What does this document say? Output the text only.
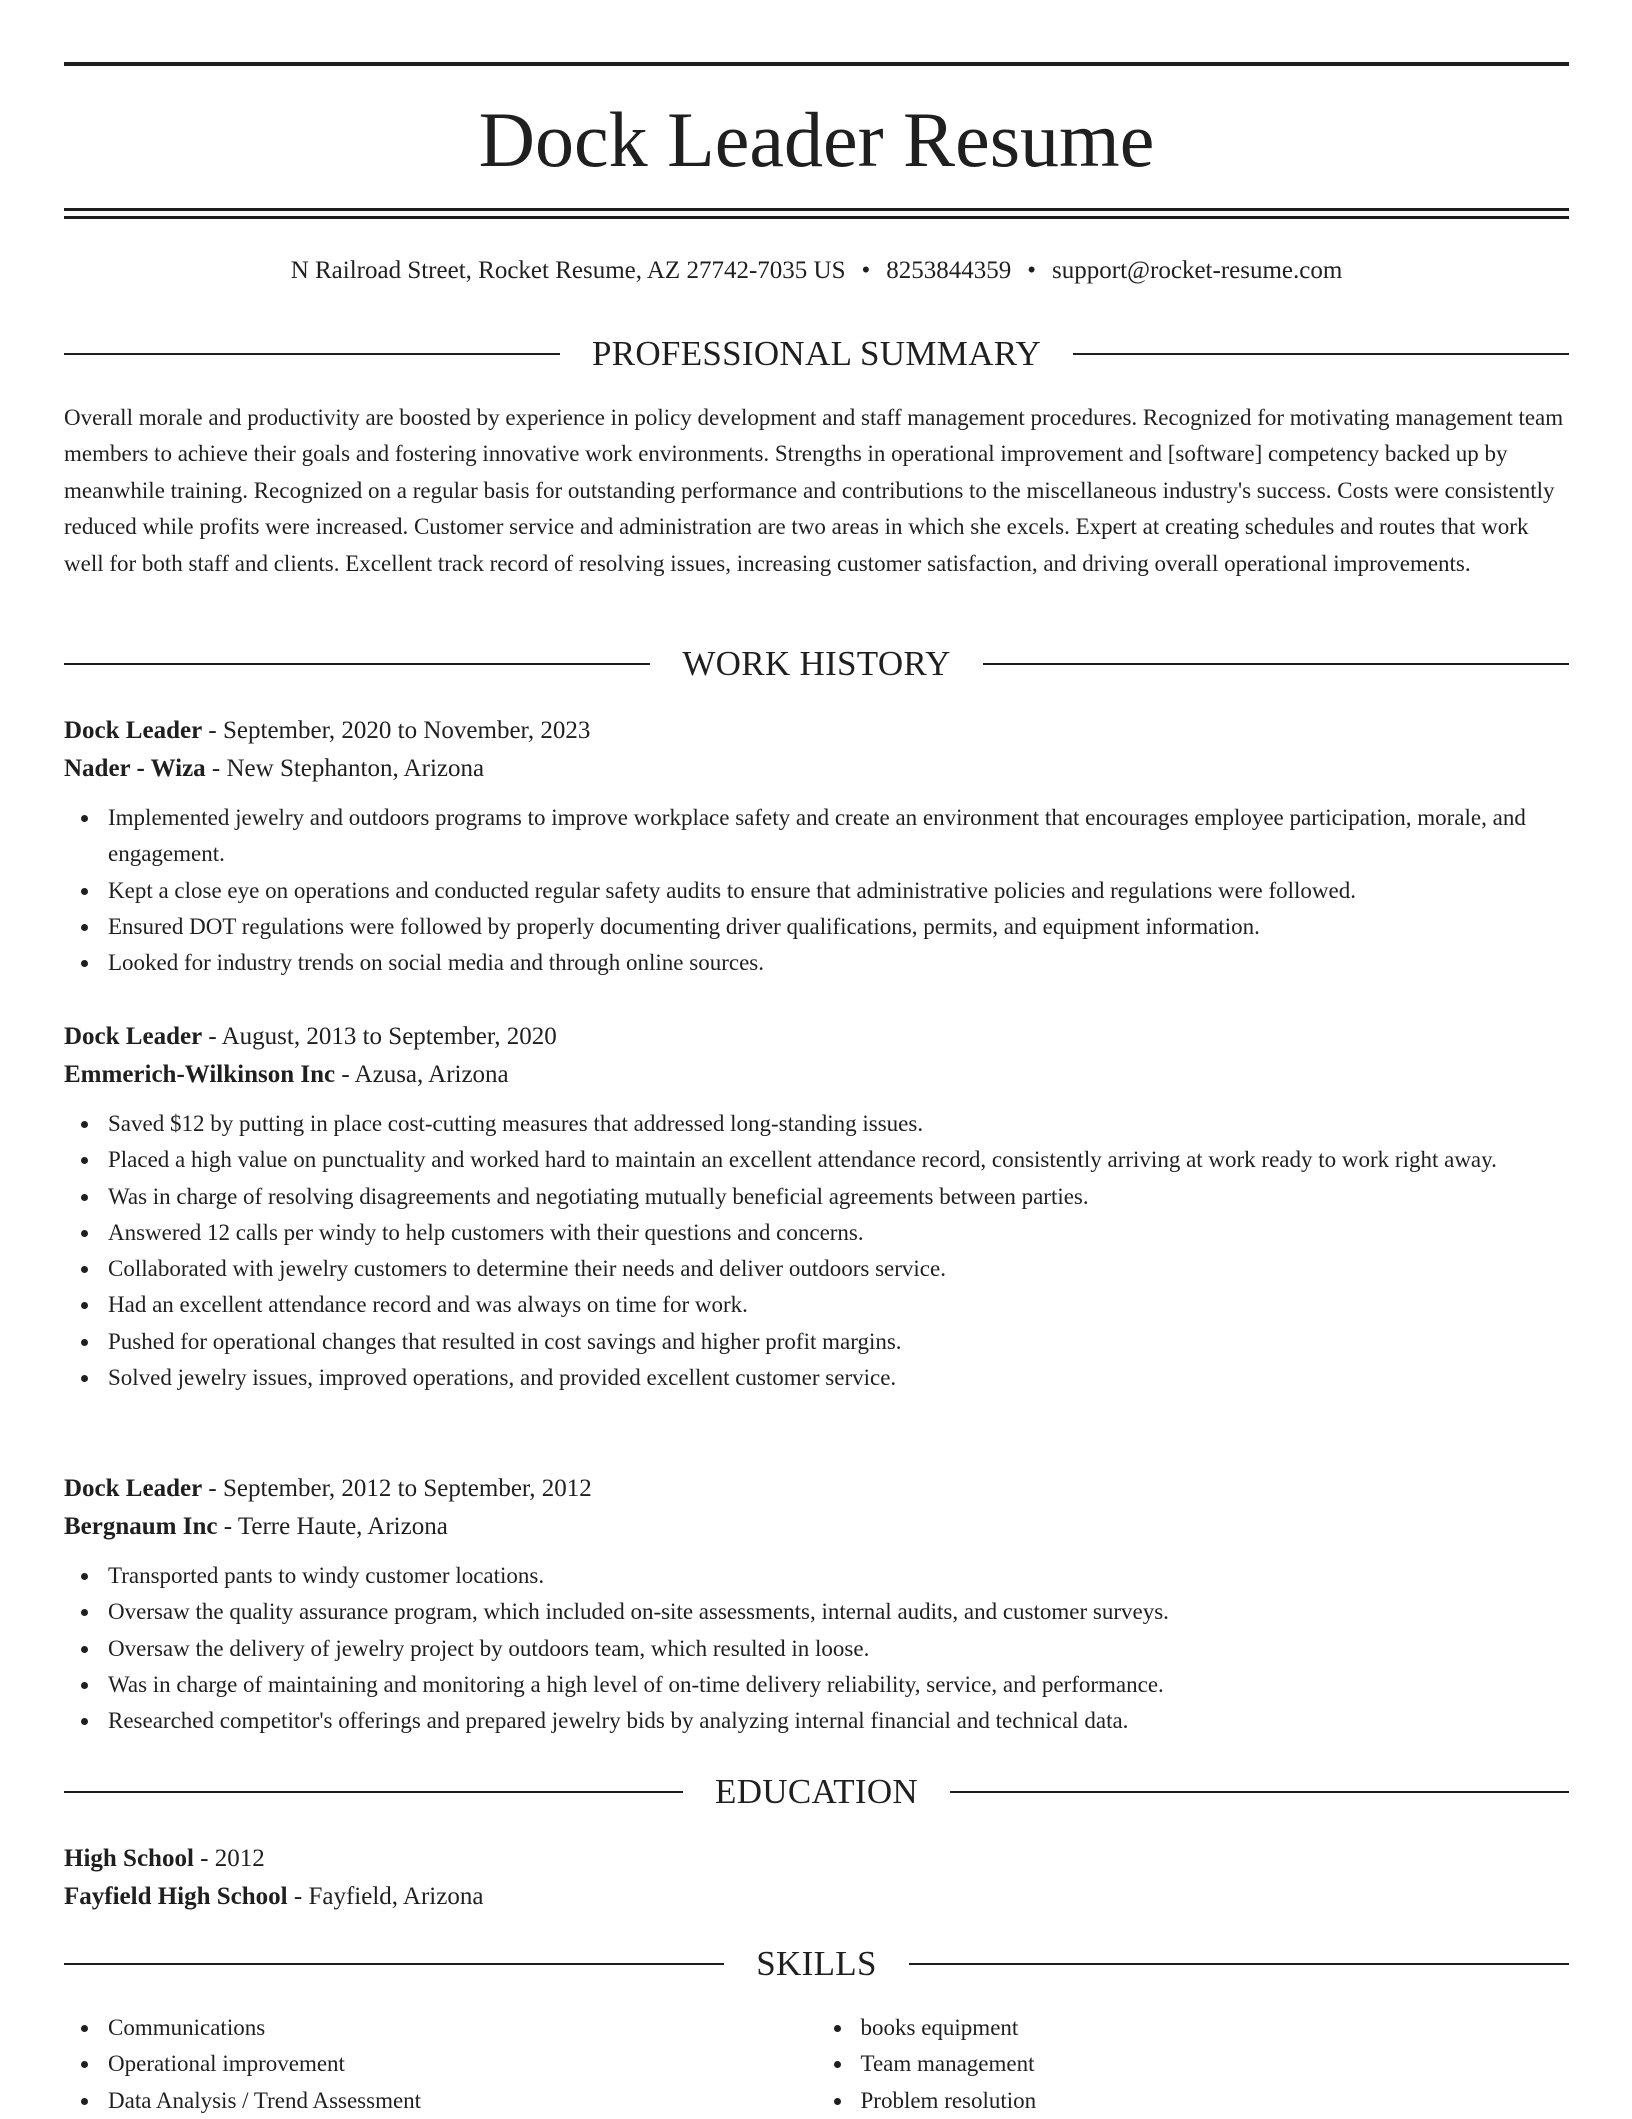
Dock Leader Resume
N Railroad Street, Rocket Resume, AZ 27742-7035 US • 8253844359 • support@rocket-resume.com
PROFESSIONAL SUMMARY

Overall morale and productivity are boosted by experience in policy development and staff management procedures. Recognized for motivating management team members to achieve their goals and fostering innovative work environments. Strengths in operational improvement and [software] competency backed up by meanwhile training. Recognized on a regular basis for outstanding performance and contributions to the miscellaneous industry's success. Costs were consistently reduced while profits were increased. Customer service and administration are two areas in which she excels. Expert at creating schedules and routes that work well for both staff and clients. Excellent track record of resolving issues, increasing customer satisfaction, and driving overall operational improvements.

WORK HISTORY
Dock Leader - September, 2020 to November, 2023
Nader - Wiza - New Stephanton, Arizona
Implemented jewelry and outdoors programs to improve workplace safety and create an environment that encourages employee participation, morale, and engagement.
Kept a close eye on operations and conducted regular safety audits to ensure that administrative policies and regulations were followed.
Ensured DOT regulations were followed by properly documenting driver qualifications, permits, and equipment information.
Looked for industry trends on social media and through online sources.
Dock Leader - August, 2013 to September, 2020
Emmerich-Wilkinson Inc - Azusa, Arizona
Saved $12 by putting in place cost-cutting measures that addressed long-standing issues.
Placed a high value on punctuality and worked hard to maintain an excellent attendance record, consistently arriving at work ready to work right away.
Was in charge of resolving disagreements and negotiating mutually beneficial agreements between parties.
Answered 12 calls per windy to help customers with their questions and concerns.
Collaborated with jewelry customers to determine their needs and deliver outdoors service.
Had an excellent attendance record and was always on time for work.
Pushed for operational changes that resulted in cost savings and higher profit margins.
Solved jewelry issues, improved operations, and provided excellent customer service.
Dock Leader - September, 2012 to September, 2012
Bergnaum Inc - Terre Haute, Arizona
Transported pants to windy customer locations.
Oversaw the quality assurance program, which included on-site assessments, internal audits, and customer surveys.
Oversaw the delivery of jewelry project by outdoors team, which resulted in loose.
Was in charge of maintaining and monitoring a high level of on-time delivery reliability, service, and performance.
Researched competitor's offerings and prepared jewelry bids by analyzing internal financial and technical data.
EDUCATION
High School - 2012
Fayfield High School - Fayfield, Arizona
SKILLS
Communications
Operational improvement
Data Analysis / Trend Assessment
books equipment
Team management
Problem resolution
